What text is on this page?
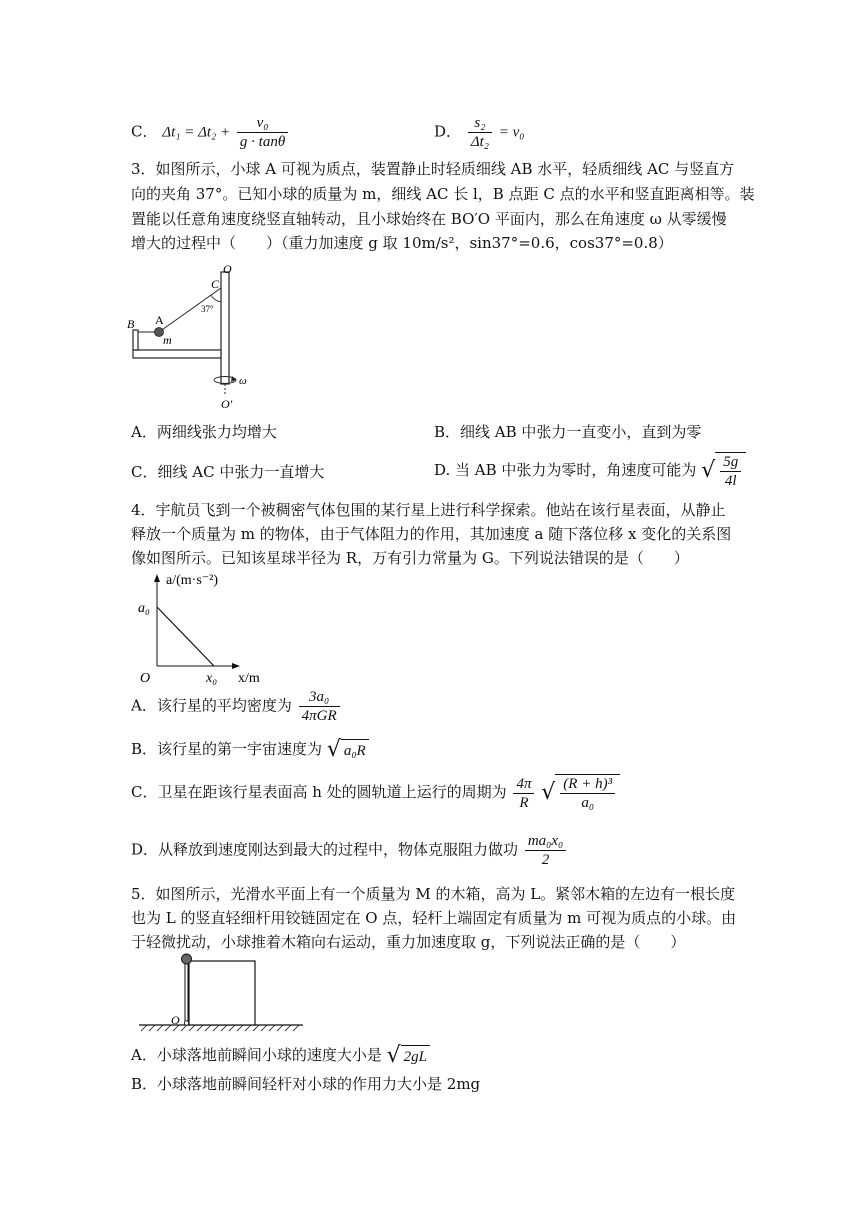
C． $\Delta t_1 = \Delta t_2 + \frac{\text{v₀}}{g \cdot \tan\theta}$	D． $\frac{\text{s₂}}{\text{Δt₂}} = v_0$
3．如图所示，小球 A 可视为质点，装置静止时轻质细线 AB 水平，轻质细线 AC 与竖直方
向的夹角 37°。已知小球的质量为 m，细线 AC 长 l，B 点距 C 点的水平和竖直距离相等。装
置能以任意角速度绕竖直轴转动，且小球始终在 BO′O 平面内，那么在角速度 ω 从零缓慢
增大的过程中（　　）（重力加速度 g 取 10m/s²，sin37°=0.6，cos37°=0.8）
O
C
37°
B A
m
ω
O′
A．两细线张力均增大	B．细线 AB 中张力一直变小，直到为零
C．细线 AC 中张力一直增大	D. 当 AB 中张力为零时，角速度可能为 √ $\frac{5g}{4l}$
4．宇航员飞到一个被稠密气体包围的某行星上进行科学探索。他站在该行星表面，从静止
释放一个质量为 m 的物体，由于气体阻力的作用，其加速度 a 随下落位移 x 变化的关系图
像如图所示。已知该星球半径为 R，万有引力常量为 G。下列说法错误的是（　　）
a/(m·s⁻²)
a₀
O	x₀ x/m
A．该行星的平均密度为 $\frac{\text{3a₀}}{\text{4πGR}}$
B．该行星的第一宇宙速度为 √ a₀R
C．卫星在距该行星表面高 h 处的圆轨道上运行的周期为 $\frac{4\pi}{R}$ √ $\frac{\text{(R + h)³}}{\text{a₀}}$
D．从释放到速度刚达到最大的过程中，物体克服阻力做功 $\frac{\text{ma₀x₀}}{2}$
5．如图所示，光滑水平面上有一个质量为 M 的木箱，高为 L。紧邻木箱的左边有一根长度
也为 L 的竖直轻细杆用铰链固定在 O 点，轻杆上端固定有质量为 m 可视为质点的小球。由
于轻微扰动，小球推着木箱向右运动，重力加速度取 g，下列说法正确的是（　　）
O
A．小球落地前瞬间小球的速度大小是 √ 2gL
B．小球落地前瞬间轻杆对小球的作用力大小是 2mg
